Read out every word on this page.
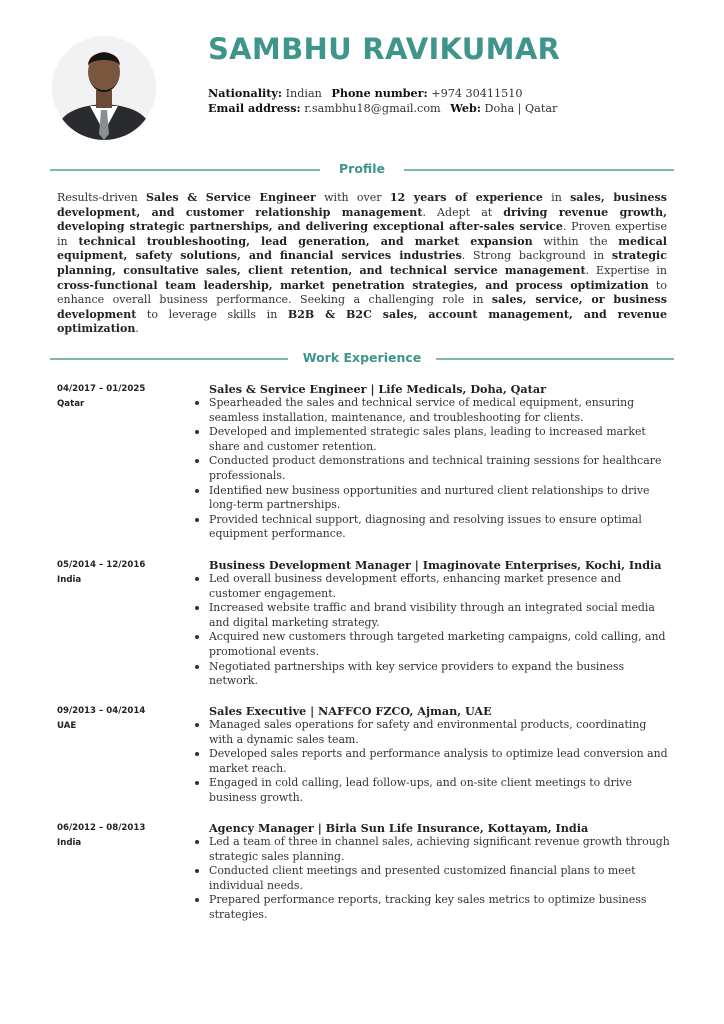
SAMBHU RAVIKUMAR
Nationality: Indian Phone number: +974 30411510
Email address: r.sambhu18@gmail.com Web: Doha | Qatar
Profile

Results-driven Sales & Service Engineer with over 12 years of experience in sales, business development, and customer relationship management. Adept at driving revenue growth, developing strategic partnerships, and delivering exceptional after-sales service. Proven expertise in technical troubleshooting, lead generation, and market expansion within the medical equipment, safety solutions, and financial services industries. Strong background in strategic planning, consultative sales, client retention, and technical service management. Expertise in cross-functional team leadership, market penetration strategies, and process optimization to enhance overall business performance. Seeking a challenging role in sales, service, or business development to leverage skills in B2B & B2C sales, account management, and revenue optimization.

Work Experience
04/2017 – 01/2025
Qatar
Sales & Service Engineer | Life Medicals, Doha, Qatar
Spearheaded the sales and technical service of medical equipment, ensuring seamless installation, maintenance, and troubleshooting for clients.
Developed and implemented strategic sales plans, leading to increased market share and customer retention.
Conducted product demonstrations and technical training sessions for healthcare professionals.
Identified new business opportunities and nurtured client relationships to drive long-term partnerships.
Provided technical support, diagnosing and resolving issues to ensure optimal equipment performance.
05/2014 – 12/2016
India
Business Development Manager | Imaginovate Enterprises, Kochi, India
Led overall business development efforts, enhancing market presence and customer engagement.
Increased website traffic and brand visibility through an integrated social media and digital marketing strategy.
Acquired new customers through targeted marketing campaigns, cold calling, and promotional events.
Negotiated partnerships with key service providers to expand the business network.
09/2013 – 04/2014
UAE
Sales Executive | NAFFCO FZCO, Ajman, UAE
Managed sales operations for safety and environmental products, coordinating with a dynamic sales team.
Developed sales reports and performance analysis to optimize lead conversion and market reach.
Engaged in cold calling, lead follow-ups, and on-site client meetings to drive business growth.
06/2012 – 08/2013
India
Agency Manager | Birla Sun Life Insurance, Kottayam, India
Led a team of three in channel sales, achieving significant revenue growth through strategic sales planning.
Conducted client meetings and presented customized financial plans to meet individual needs.
Prepared performance reports, tracking key sales metrics to optimize business strategies.
